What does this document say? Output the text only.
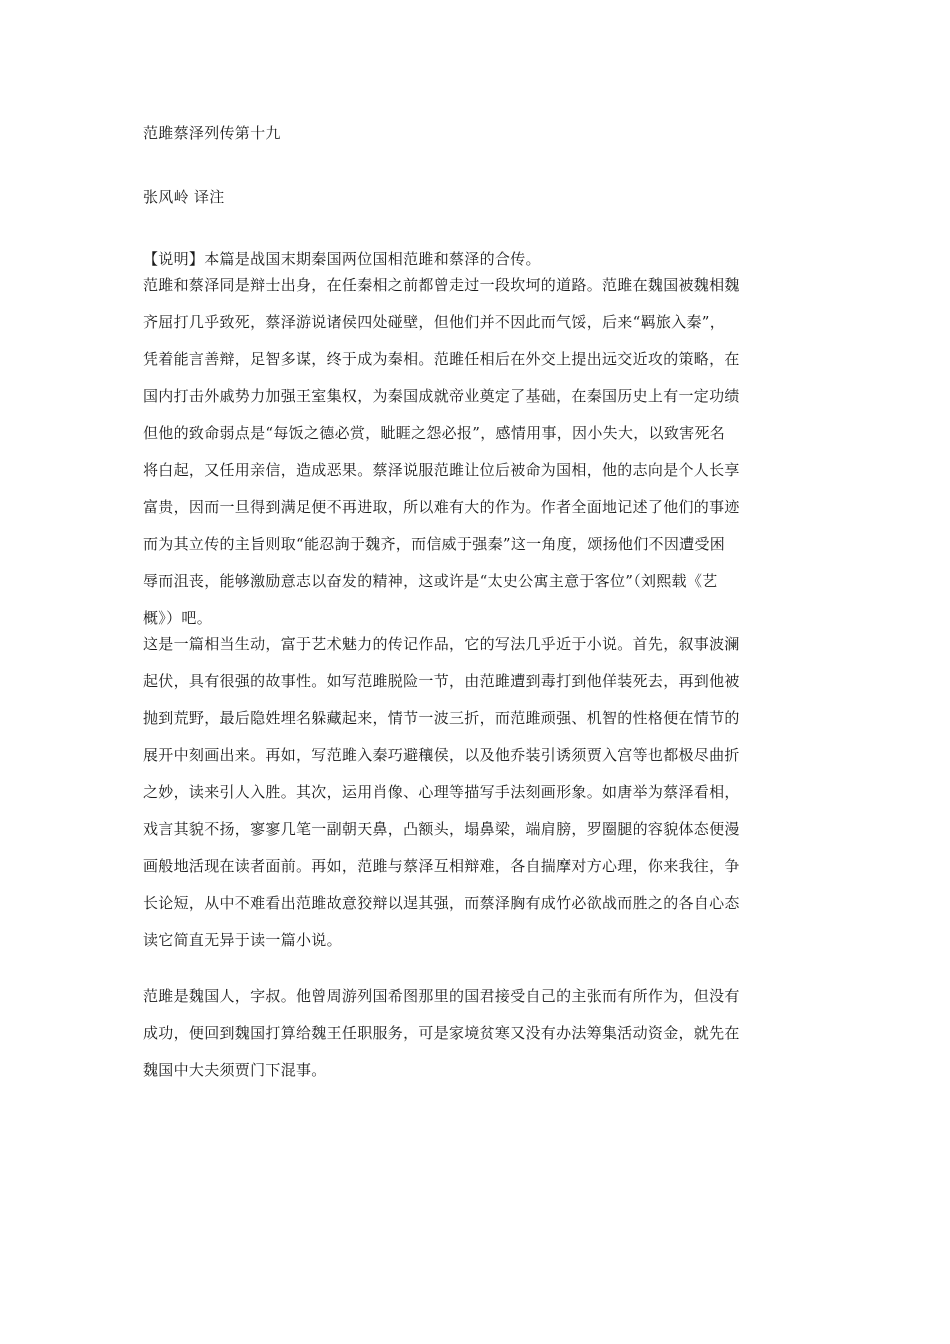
范雎蔡泽列传第十九
张风岭 译注
【说明】本篇是战国末期秦国两位国相范雎和蔡泽的合传。
范雎和蔡泽同是辩士出身，在任秦相之前都曾走过一段坎坷的道路。范雎在魏国被魏相魏
齐屈打几乎致死，蔡泽游说诸侯四处碰壁，但他们并不因此而气馁，后来“羁旅入秦”，
凭着能言善辩，足智多谋，终于成为秦相。范雎任相后在外交上提出远交近攻的策略，在
国内打击外戚势力加强王室集权，为秦国成就帝业奠定了基础，在秦国历史上有一定功绩
但他的致命弱点是“每饭之德必赏，眦睚之怨必报”，感情用事，因小失大，以致害死名
将白起，又任用亲信，造成恶果。蔡泽说服范雎让位后被命为国相，他的志向是个人长享
富贵，因而一旦得到满足便不再进取，所以难有大的作为。作者全面地记述了他们的事迹
而为其立传的主旨则取“能忍詢于魏齐，而信威于强秦”这一角度，颂扬他们不因遭受困
辱而沮丧，能够激励意志以奋发的精神，这或许是“太史公寓主意于客位”（刘熙载《艺
概》）吧。
这是一篇相当生动，富于艺术魅力的传记作品，它的写法几乎近于小说。首先，叙事波澜
起伏，具有很强的故事性。如写范雎脱险一节，由范雎遭到毒打到他佯装死去，再到他被
抛到荒野，最后隐姓埋名躲藏起来，情节一波三折，而范雎顽强、机智的性格便在情节的
展开中刻画出来。再如，写范雎入秦巧避穰侯，以及他乔装引诱须贾入宫等也都极尽曲折
之妙，读来引人入胜。其次，运用肖像、心理等描写手法刻画形象。如唐举为蔡泽看相，
戏言其貌不扬，寥寥几笔一副朝天鼻，凸额头，塌鼻梁，端肩膀，罗圈腿的容貌体态便漫
画般地活现在读者面前。再如，范雎与蔡泽互相辩难，各自揣摩对方心理，你来我往，争
长论短，从中不难看出范雎故意狡辩以逞其强，而蔡泽胸有成竹必欲战而胜之的各自心态
读它简直无异于读一篇小说。
范雎是魏国人，字叔。他曾周游列国希图那里的国君接受自己的主张而有所作为，但没有
成功，便回到魏国打算给魏王任职服务，可是家境贫寒又没有办法筹集活动资金，就先在
魏国中大夫须贾门下混事。
